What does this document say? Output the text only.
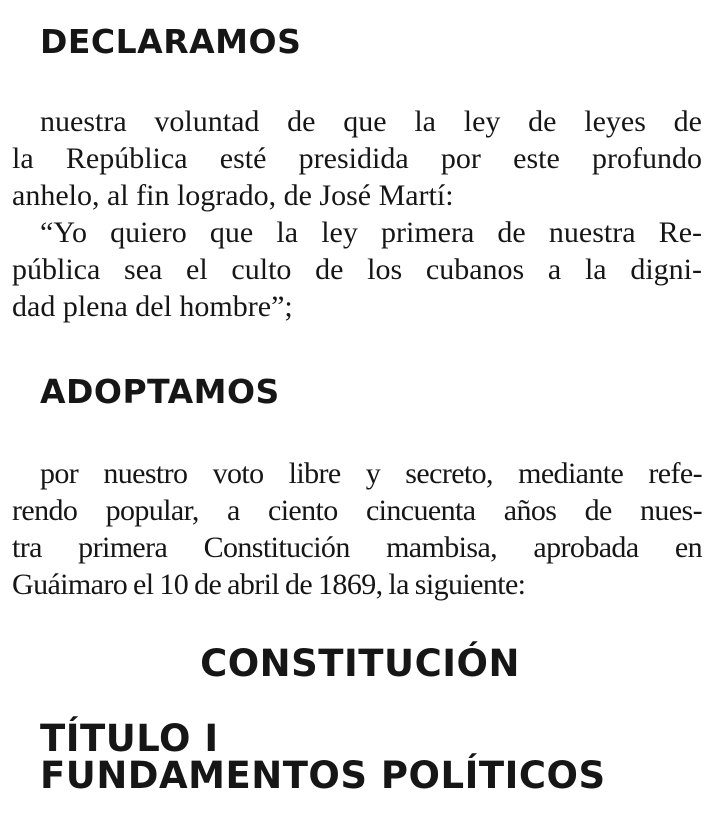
DECLARAMOS
nuestra voluntad de que la ley de leyes de
la República esté presidida por este profundo
anhelo, al fin logrado, de José Martí:
“Yo quiero que la ley primera de nuestra Re-
pública sea el culto de los cubanos a la digni-
dad plena del hombre”;
ADOPTAMOS
por nuestro voto libre y secreto, mediante refe-
rendo popular, a ciento cincuenta años de nues-
tra primera Constitución mambisa, aprobada en
Guáimaro el 10 de abril de 1869, la siguiente:
CONSTITUCIÓN
TÍTULO I
FUNDAMENTOS POLÍTICOS
